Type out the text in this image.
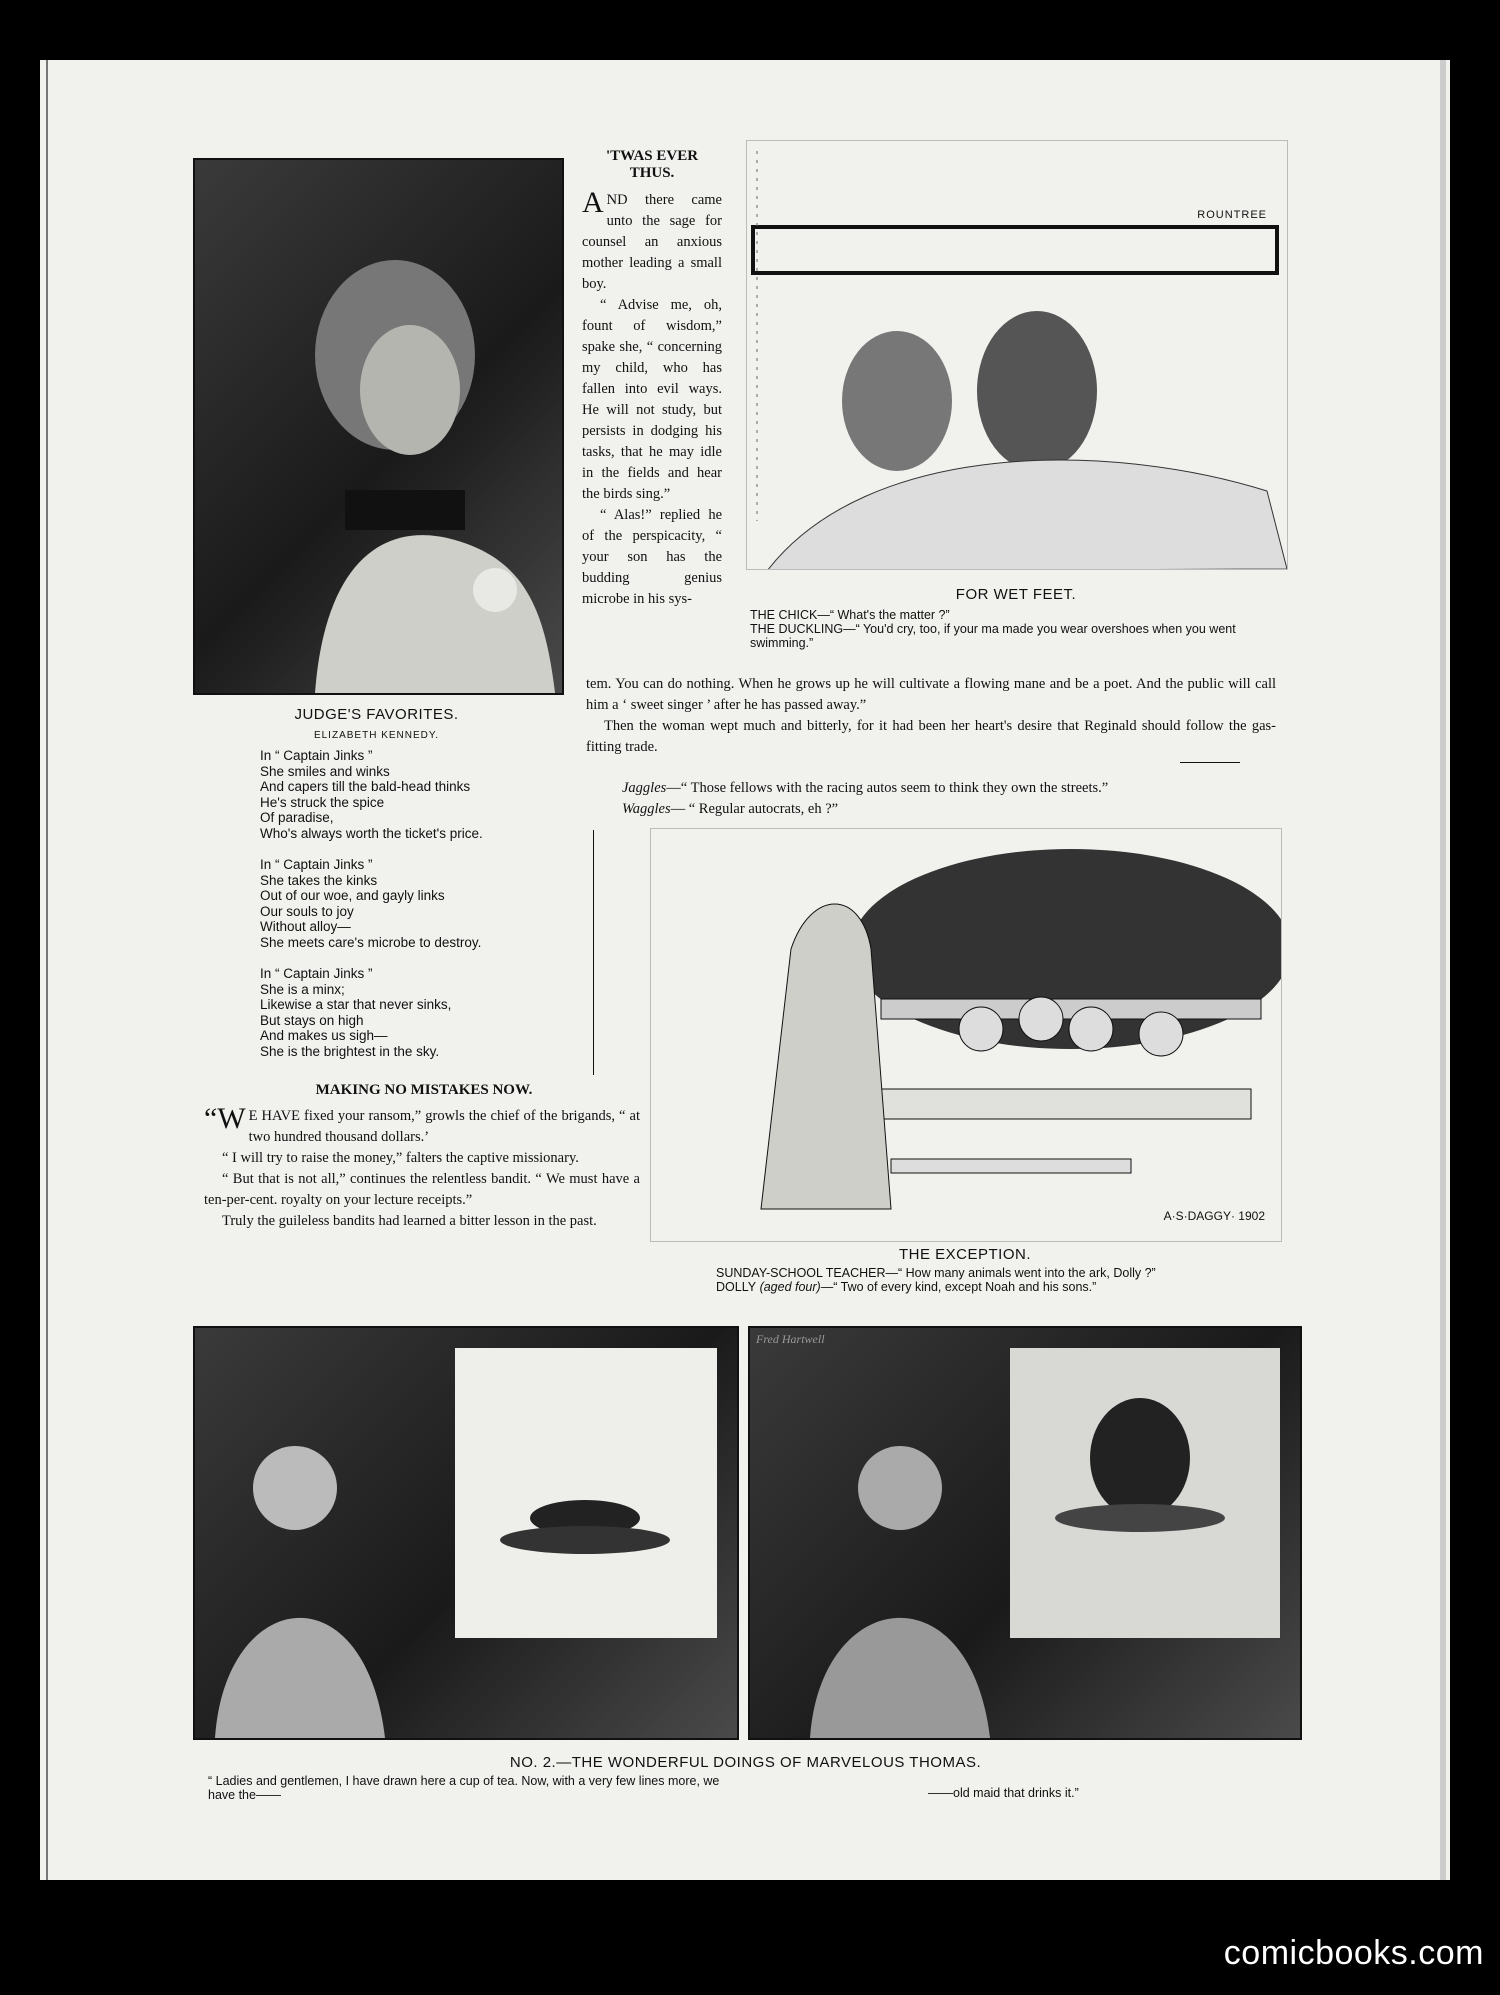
JUDGE'S FAVORITES.
ELIZABETH KENNEDY.
In “ Captain Jinks ”
She smiles and winks
And capers till the bald-head thinks
He's struck the spice
Of paradise,
Who's always worth the ticket's price.
In “ Captain Jinks ”
She takes the kinks
Out of our woe, and gayly links
Our souls to joy
Without alloy—
She meets care's microbe to destroy.
In “ Captain Jinks ”
She is a minx;
Likewise a star that never sinks,
But stays on high
And makes us sigh—
She is the brightest in the sky.
'TWAS EVER THUS.

AND there came unto the sage for counsel an anxious mother leading a small boy.

“ Advise me, oh, fount of wisdom,” spake she, “ concerning my child, who has fallen into evil ways. He will not study, but persists in dodging his tasks, that he may idle in the fields and hear the birds sing.”

“ Alas!” replied he of the perspicacity, “ your son has the budding genius microbe in his sys-

tem. You can do nothing. When he grows up he will cultivate a flowing mane and be a poet. And the public will call him a ‘ sweet singer ’ after he has passed away.”

Then the woman wept much and bitterly, for it had been her heart's desire that Reginald should follow the gas-fitting trade.

ROUNTREE
FOR WET FEET.
THE CHICK—“ What's the matter ?”
THE DUCKLING—“ You'd cry, too, if your ma made you wear overshoes when you went swimming.”
Jaggles—“ Those fellows with the racing autos seem to think they own the streets.”
Waggles— “ Regular autocrats, eh ?”
A·S·DAGGY· 1902
THE EXCEPTION.
SUNDAY-SCHOOL TEACHER—“ How many animals went into the ark, Dolly ?”
DOLLY (aged four)—“ Two of every kind, except Noah and his sons.”
MAKING NO MISTAKES NOW.

“W E HAVE fixed your ransom,” growls the chief of the brigands, “ at two hundred thousand dollars.’

“ I will try to raise the money,” falters the captive missionary.

“ But that is not all,” continues the relentless bandit. “ We must have a ten-per-cent. royalty on your lecture receipts.”

Truly the guileless bandits had learned a bitter lesson in the past.

Fred Hartwell
NO. 2.—THE WONDERFUL DOINGS OF MARVELOUS THOMAS.
“ Ladies and gentlemen, I have drawn here a cup of tea. Now, with a very few lines more, we have the——	——old maid that drinks it.”
comicbooks.com
